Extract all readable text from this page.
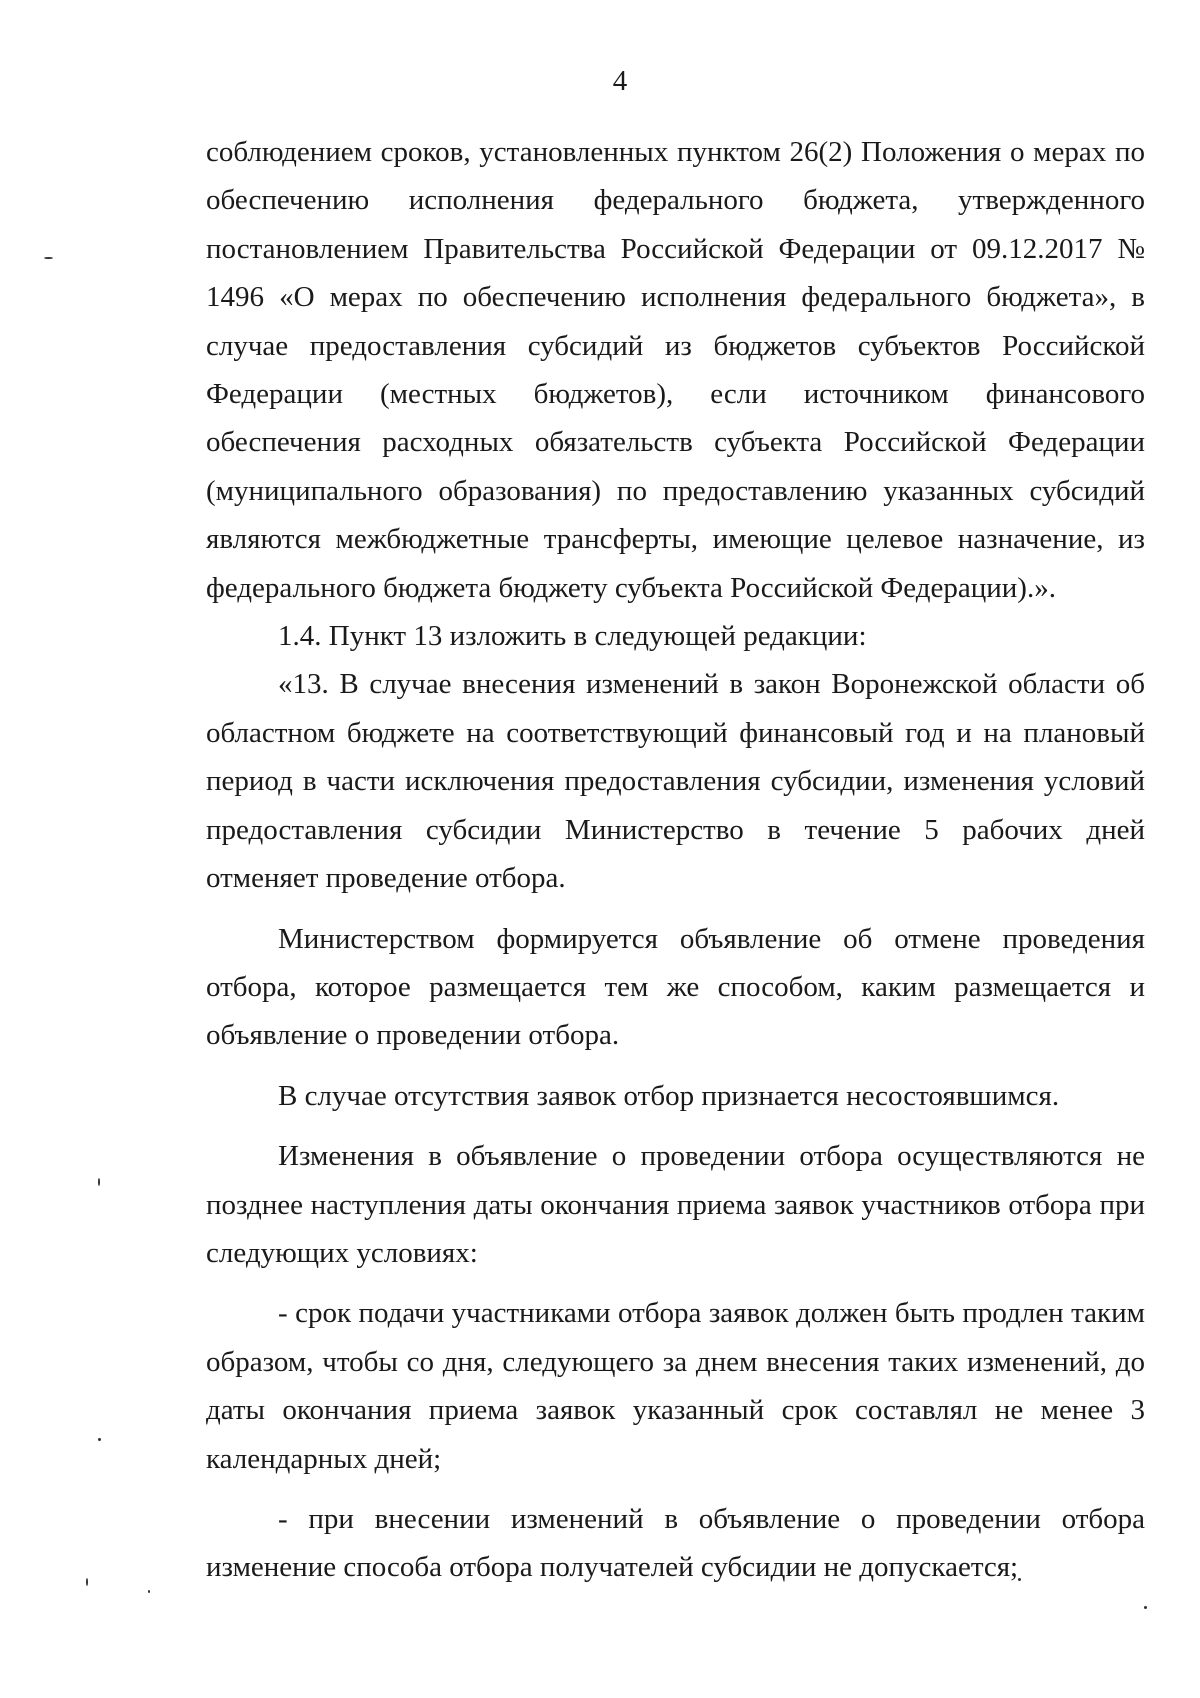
4

соблюдением сроков, установленных пунктом 26(2) Положения о мерах по обеспечению исполнения федерального бюджета, утвержденного постановлением Правительства Российской Федерации от 09.12.2017 № 1496 «О мерах по обеспечению исполнения федерального бюджета», в случае предоставления субсидий из бюджетов субъектов Российской Федерации (местных бюджетов), если источником финансового обеспечения расходных обязательств субъекта Российской Федерации (муниципального образования) по предоставлению указанных субсидий являются межбюджетные трансферты, имеющие целевое назначение, из федерального бюджета бюджету субъекта Российской Федерации).».

1.4. Пункт 13 изложить в следующей редакции:

«13. В случае внесения изменений в закон Воронежской области об областном бюджете на соответствующий финансовый год и на плановый период в части исключения предоставления субсидии, изменения условий предоставления субсидии Министерство в течение 5 рабочих дней отменяет проведение отбора.

Министерством формируется объявление об отмене проведения отбора, которое размещается тем же способом, каким размещается и объявление о проведении отбора.

В случае отсутствия заявок отбор признается несостоявшимся.

Изменения в объявление о проведении отбора осуществляются не позднее наступления даты окончания приема заявок участников отбора при следующих условиях:

- срок подачи участниками отбора заявок должен быть продлен таким образом, чтобы со дня, следующего за днем внесения таких изменений, до даты окончания приема заявок указанный срок составлял не менее 3 календарных дней;

- при внесении изменений в объявление о проведении отбора изменение способа отбора получателей субсидии не допускается;
